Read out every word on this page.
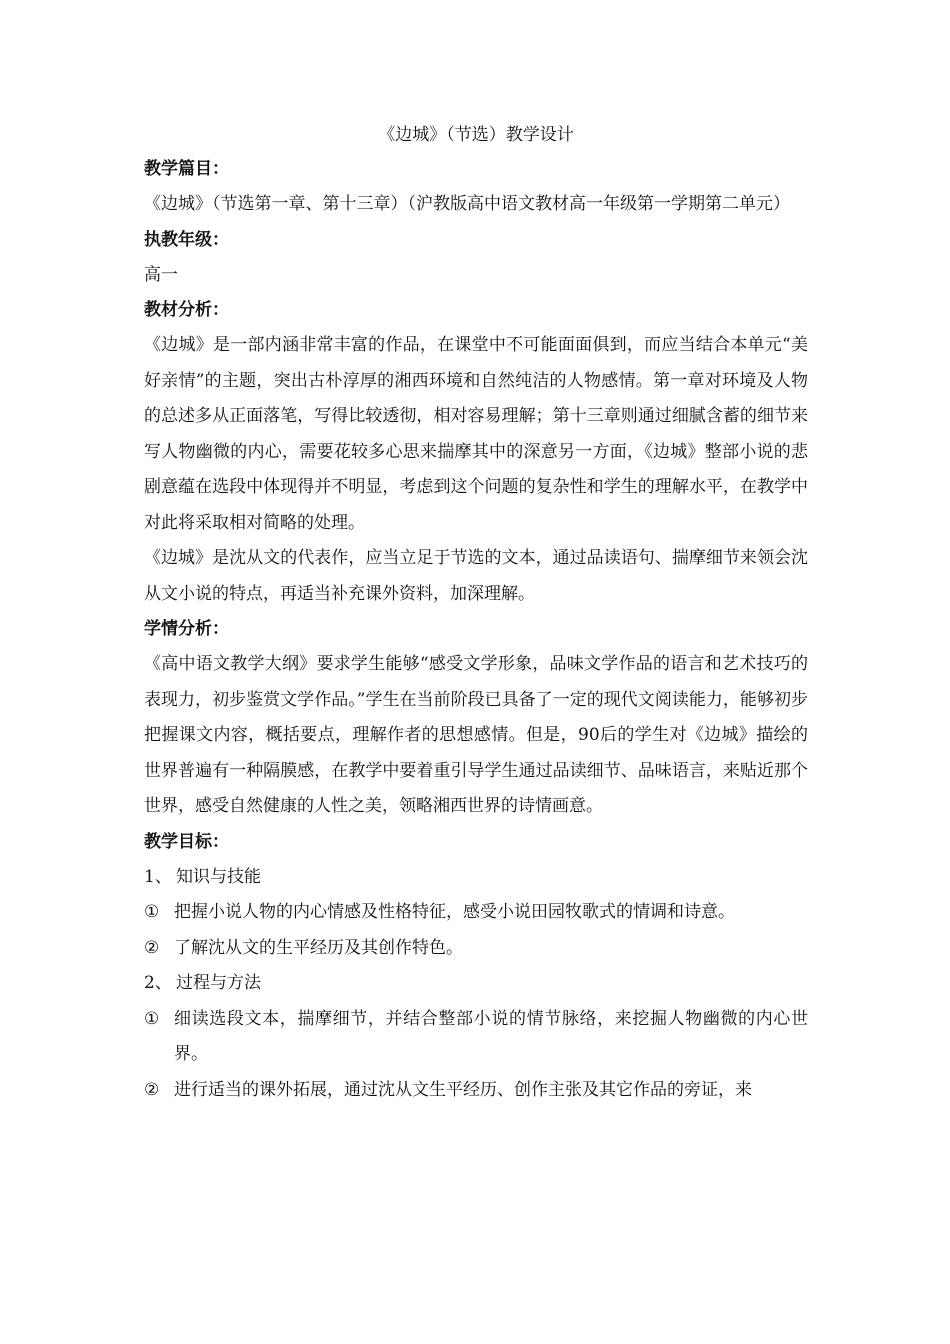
《边城》（节选）教学设计
教学篇目：

《边城》（节选第一章、第十三章）（沪教版高中语文教材高一年级第一学期第二单元）

执教年级：

高一

教材分析：

《边城》是一部内涵非常丰富的作品，在课堂中不可能面面俱到，而应当结合本单元“美好亲情”的主题，突出古朴淳厚的湘西环境和自然纯洁的人物感情。第一章对环境及人物的总述多从正面落笔，写得比较透彻，相对容易理解；第十三章则通过细腻含蓄的细节来写人物幽微的内心，需要花较多心思来揣摩其中的深意另一方面，《边城》整部小说的悲剧意蕴在选段中体现得并不明显，考虑到这个问题的复杂性和学生的理解水平，在教学中对此将采取相对简略的处理。

《边城》是沈从文的代表作，应当立足于节选的文本，通过品读语句、揣摩细节来领会沈从文小说的特点，再适当补充课外资料，加深理解。

学情分析：

《高中语文教学大纲》要求学生能够“感受文学形象，品味文学作品的语言和艺术技巧的表现力，初步鉴赏文学作品。”学生在当前阶段已具备了一定的现代文阅读能力，能够初步把握课文内容，概括要点，理解作者的思想感情。但是，90后的学生对《边城》描绘的世界普遍有一种隔膜感，在教学中要着重引导学生通过品读细节、品味语言，来贴近那个世界，感受自然健康的人性之美，领略湘西世界的诗情画意。

教学目标：
1、 知识与技能
① 把握小说人物的内心情感及性格特征，感受小说田园牧歌式的情调和诗意。
② 了解沈从文的生平经历及其创作特色。
2、 过程与方法
① 细读选段文本，揣摩细节，并结合整部小说的情节脉络，来挖掘人物幽微的内心世界。
② 进行适当的课外拓展，通过沈从文生平经历、创作主张及其它作品的旁证，来
